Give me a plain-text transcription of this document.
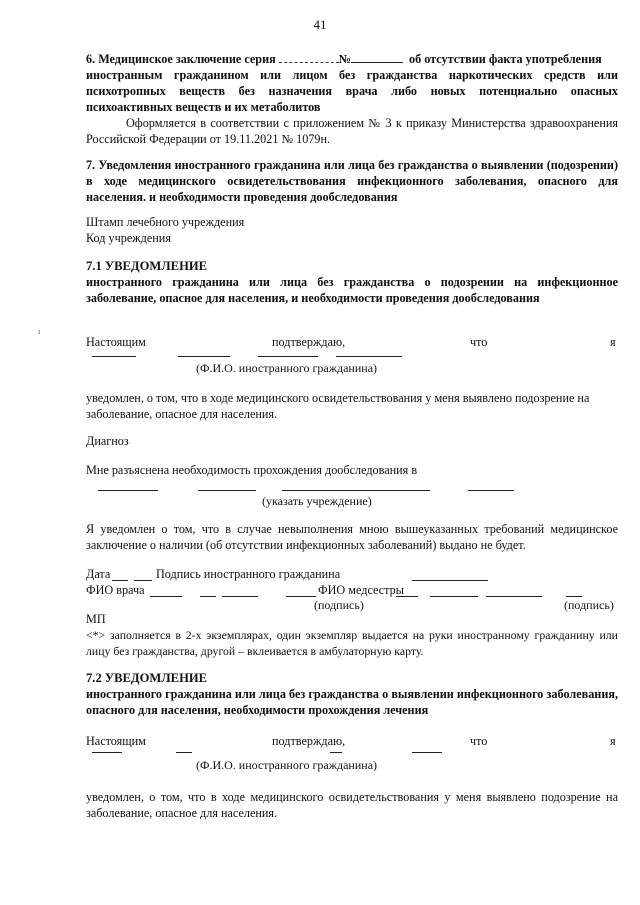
41
6. Медицинское заключение серия	№	об отсутствии факта употребления
иностранным гражданином или лицом без гражданства наркотических средств или психотропных веществ без назначения врача либо новых потенциально опасных психоактивных веществ и их метаболитов
Оформляется в соответствии с приложением № 3 к приказу Министерства здравоохранения Российской Федерации от 19.11.2021 № 1079н.
7. Уведомления иностранного гражданина или лица без гражданства о выявлении (подозрении) в ходе медицинского освидетельствования инфекционного заболевания, опасного для населения. и необходимости проведения дообследования
Штамп лечебного учреждения
Код учреждения
7.1 УВЕДОМЛЕНИЕ
иностранного гражданина или лица без гражданства о подозрении на инфекционное заболевание, опасное для населения, и необходимости проведения дообследования
Настоящим	подтверждаю,	что	я
(Ф.И.О. иностранного гражданина)
уведомлен, о том, что в ходе медицинского освидетельствования у меня выявлено подозрение на заболевание, опасное для населения.
Диагноз
Мне разъяснена необходимость прохождения дообследования в
(указать учреждение)
Я уведомлен о том, что в случае невыполнения мною вышеуказанных требований медицинское заключение о наличии (об отсутствии инфекционных заболеваний) выдано не будет.
Дата	Подпись иностранного гражданина
ФИО врача	ФИО медсестры
(подпись)	(подпись)
МП
<*> заполняется в 2-х экземплярах, один экземпляр выдается на руки иностранному гражданину или лицу без гражданства, другой – вклеивается в амбулаторную карту.
7.2 УВЕДОМЛЕНИЕ
иностранного гражданина или лица без гражданства о выявлении инфекционного заболевания, опасного для населения, необходимости прохождения лечения
Настоящим	подтверждаю,	что	я
(Ф.И.О. иностранного гражданина)
уведомлен, о том, что в ходе медицинского освидетельствования у меня выявлено подозрение на заболевание, опасное для населения.
ı
